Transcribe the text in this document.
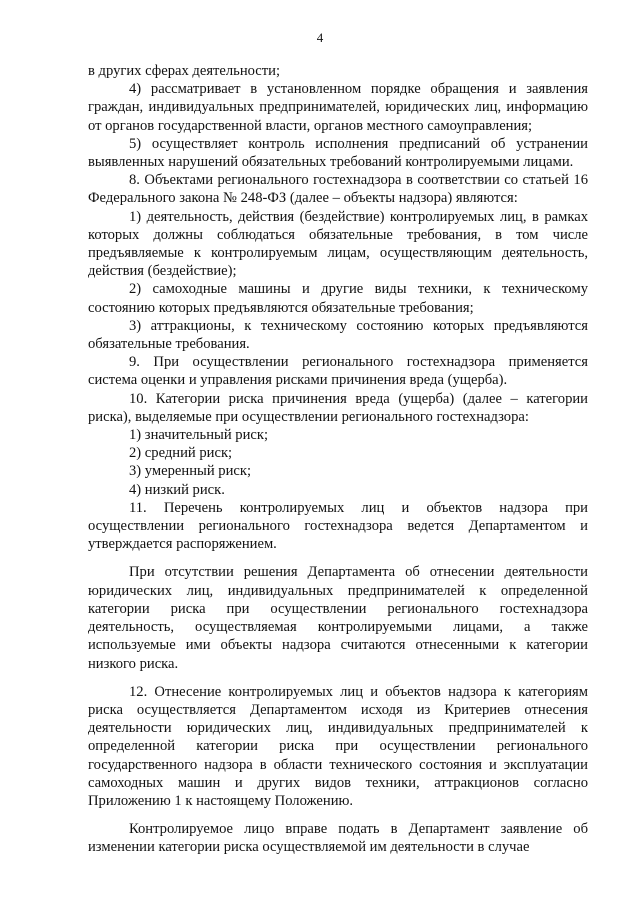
4

в других сферах деятельности;

4) рассматривает в установленном порядке обращения и заявления граждан, индивидуальных предпринимателей, юридических лиц, информацию от органов государственной власти, органов местного самоуправления;

5) осуществляет контроль исполнения предписаний об устранении выявленных нарушений обязательных требований контролируемыми лицами.

8. Объектами регионального гостехнадзора в соответствии со статьей 16 Федерального закона № 248-ФЗ (далее – объекты надзора) являются:

1) деятельность, действия (бездействие) контролируемых лиц, в рамках которых должны соблюдаться обязательные требования, в том числе предъявляемые к контролируемым лицам, осуществляющим деятельность, действия (бездействие);

2) самоходные машины и другие виды техники, к техническому состоянию которых предъявляются обязательные требования;

3) аттракционы, к техническому состоянию которых предъявляются обязательные требования.

9. При осуществлении регионального гостехнадзора применяется система оценки и управления рисками причинения вреда (ущерба).

10. Категории риска причинения вреда (ущерба) (далее – категории риска), выделяемые при осуществлении регионального гостехнадзора:

1) значительный риск;

2) средний риск;

3) умеренный риск;

4) низкий риск.

11. Перечень контролируемых лиц и объектов надзора при осуществлении регионального гостехнадзора ведется Департаментом и утверждается распоряжением.

При отсутствии решения Департамента об отнесении деятельности юридических лиц, индивидуальных предпринимателей к определенной категории риска при осуществлении регионального гостехнадзора деятельность, осуществляемая контролируемыми лицами, а также используемые ими объекты надзора считаются отнесенными к категории низкого риска.

12. Отнесение контролируемых лиц и объектов надзора к категориям риска осуществляется Департаментом исходя из Критериев отнесения деятельности юридических лиц, индивидуальных предпринимателей к определенной категории риска при осуществлении регионального государственного надзора в области технического состояния и эксплуатации самоходных машин и других видов техники, аттракционов согласно Приложению 1 к настоящему Положению.

Контролируемое лицо вправе подать в Департамент заявление об изменении категории риска осуществляемой им деятельности в случае
